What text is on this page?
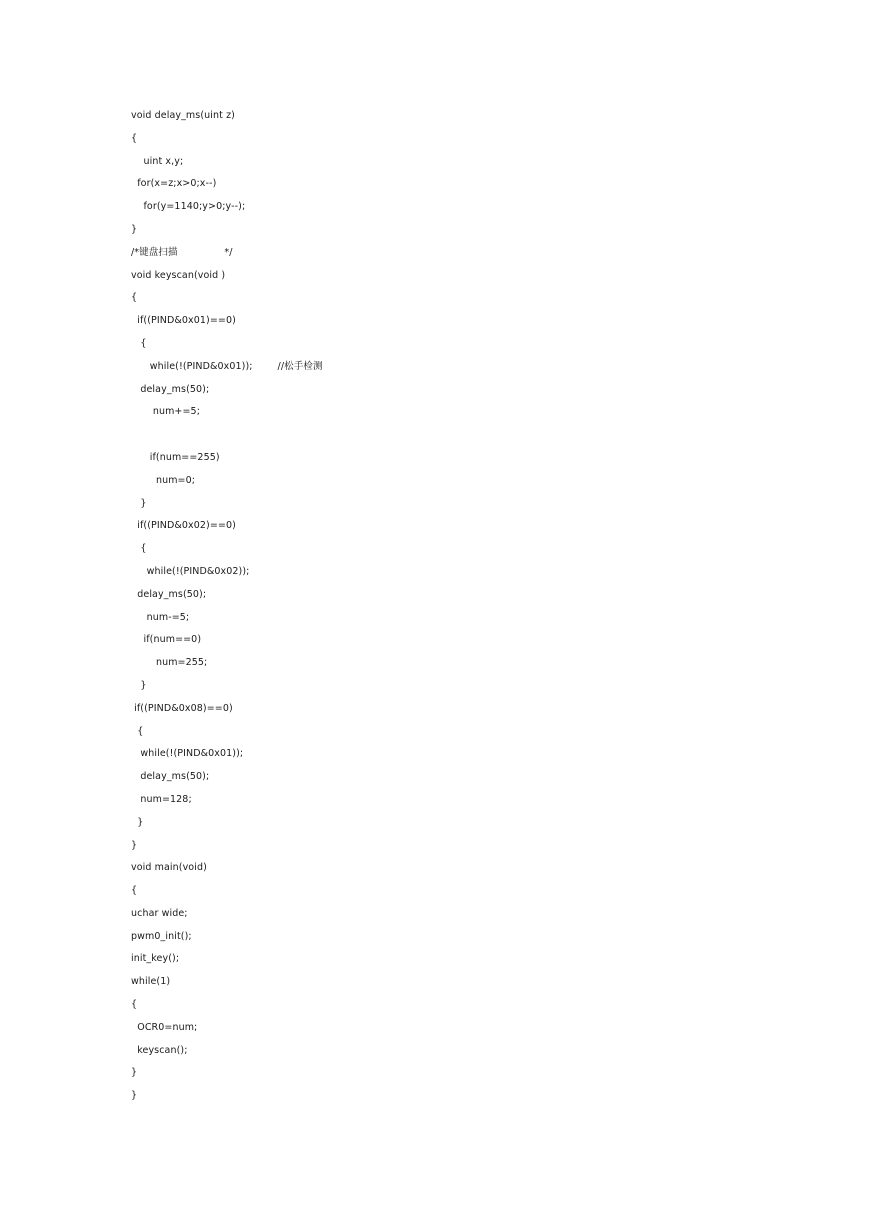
void delay_ms(uint z)
{
uint x,y;
for(x=z;x>0;x--)
for(y=1140;y>0;y--);
}
/*键盘扫描               */
void keyscan(void )
{
if((PIND&0x01)==0)
{
while(!(PIND&0x01));        //松手检测
delay_ms(50);
num+=5;
if(num==255)
num=0;
}
if((PIND&0x02)==0)
{
while(!(PIND&0x02));
delay_ms(50);
num-=5;
if(num==0)
num=255;
}
if((PIND&0x08)==0)
{
while(!(PIND&0x01));
delay_ms(50);
num=128;
}
}
void main(void)
{
uchar wide;
pwm0_init();
init_key();
while(1)
{
OCR0=num;
keyscan();
}
}
